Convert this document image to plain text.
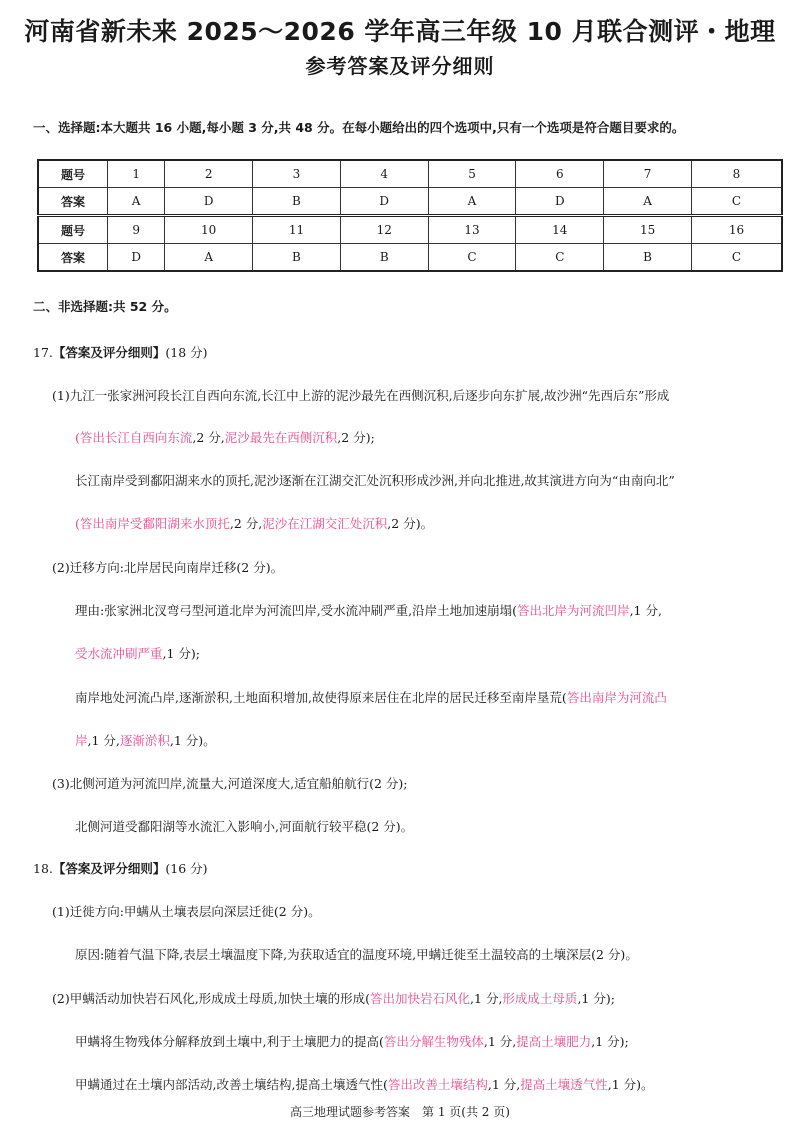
河南省新未来 2025～2026 学年高三年级 10 月联合测评・地理
参考答案及评分细则
一、选择题:本大题共 16 小题,每小题 3 分,共 48 分。在每小题给出的四个选项中,只有一个选项是符合题目要求的。
题号	1	2	3	4	5	6	7	8
答案	A	D	B	D	A	D	A	C
题号	9	10	11	12	13	14	15	16
答案	D	A	B	B	C	C	B	C
二、非选择题:共 52 分。
17.【答案及评分细则】(18 分)
(1)九江一张家洲河段长江自西向东流,长江中上游的泥沙最先在西侧沉积,后逐步向东扩展,故沙洲“先西后东”形成
(答出长江自西向东流,2 分,泥沙最先在西侧沉积,2 分);
长江南岸受到鄱阳湖来水的顶托,泥沙逐渐在江湖交汇处沉积形成沙洲,并向北推进,故其演进方向为“由南向北”
(答出南岸受鄱阳湖来水顶托,2 分,泥沙在江湖交汇处沉积,2 分)。
(2)迁移方向:北岸居民向南岸迁移(2 分)。
理由:张家洲北汊弯弓型河道北岸为河流凹岸,受水流冲刷严重,沿岸土地加速崩塌(答出北岸为河流凹岸,1 分,
受水流冲刷严重,1 分);
南岸地处河流凸岸,逐渐淤积,土地面积增加,故使得原来居住在北岸的居民迁移至南岸垦荒(答出南岸为河流凸
岸,1 分,逐渐淤积,1 分)。
(3)北侧河道为河流凹岸,流量大,河道深度大,适宜船舶航行(2 分);
北侧河道受鄱阳湖等水流汇入影响小,河面航行较平稳(2 分)。
18.【答案及评分细则】(16 分)
(1)迁徙方向:甲螨从土壤表层向深层迁徙(2 分)。
原因:随着气温下降,表层土壤温度下降,为获取适宜的温度环境,甲螨迁徙至土温较高的土壤深层(2 分)。
(2)甲螨活动加快岩石风化,形成成土母质,加快土壤的形成(答出加快岩石风化,1 分,形成成土母质,1 分);
甲螨将生物残体分解释放到土壤中,利于土壤肥力的提高(答出分解生物残体,1 分,提高土壤肥力,1 分);
甲螨通过在土壤内部活动,改善土壤结构,提高土壤透气性(答出改善土壤结构,1 分,提高土壤透气性,1 分)。
高三地理试题参考答案　第 1 页(共 2 页)
